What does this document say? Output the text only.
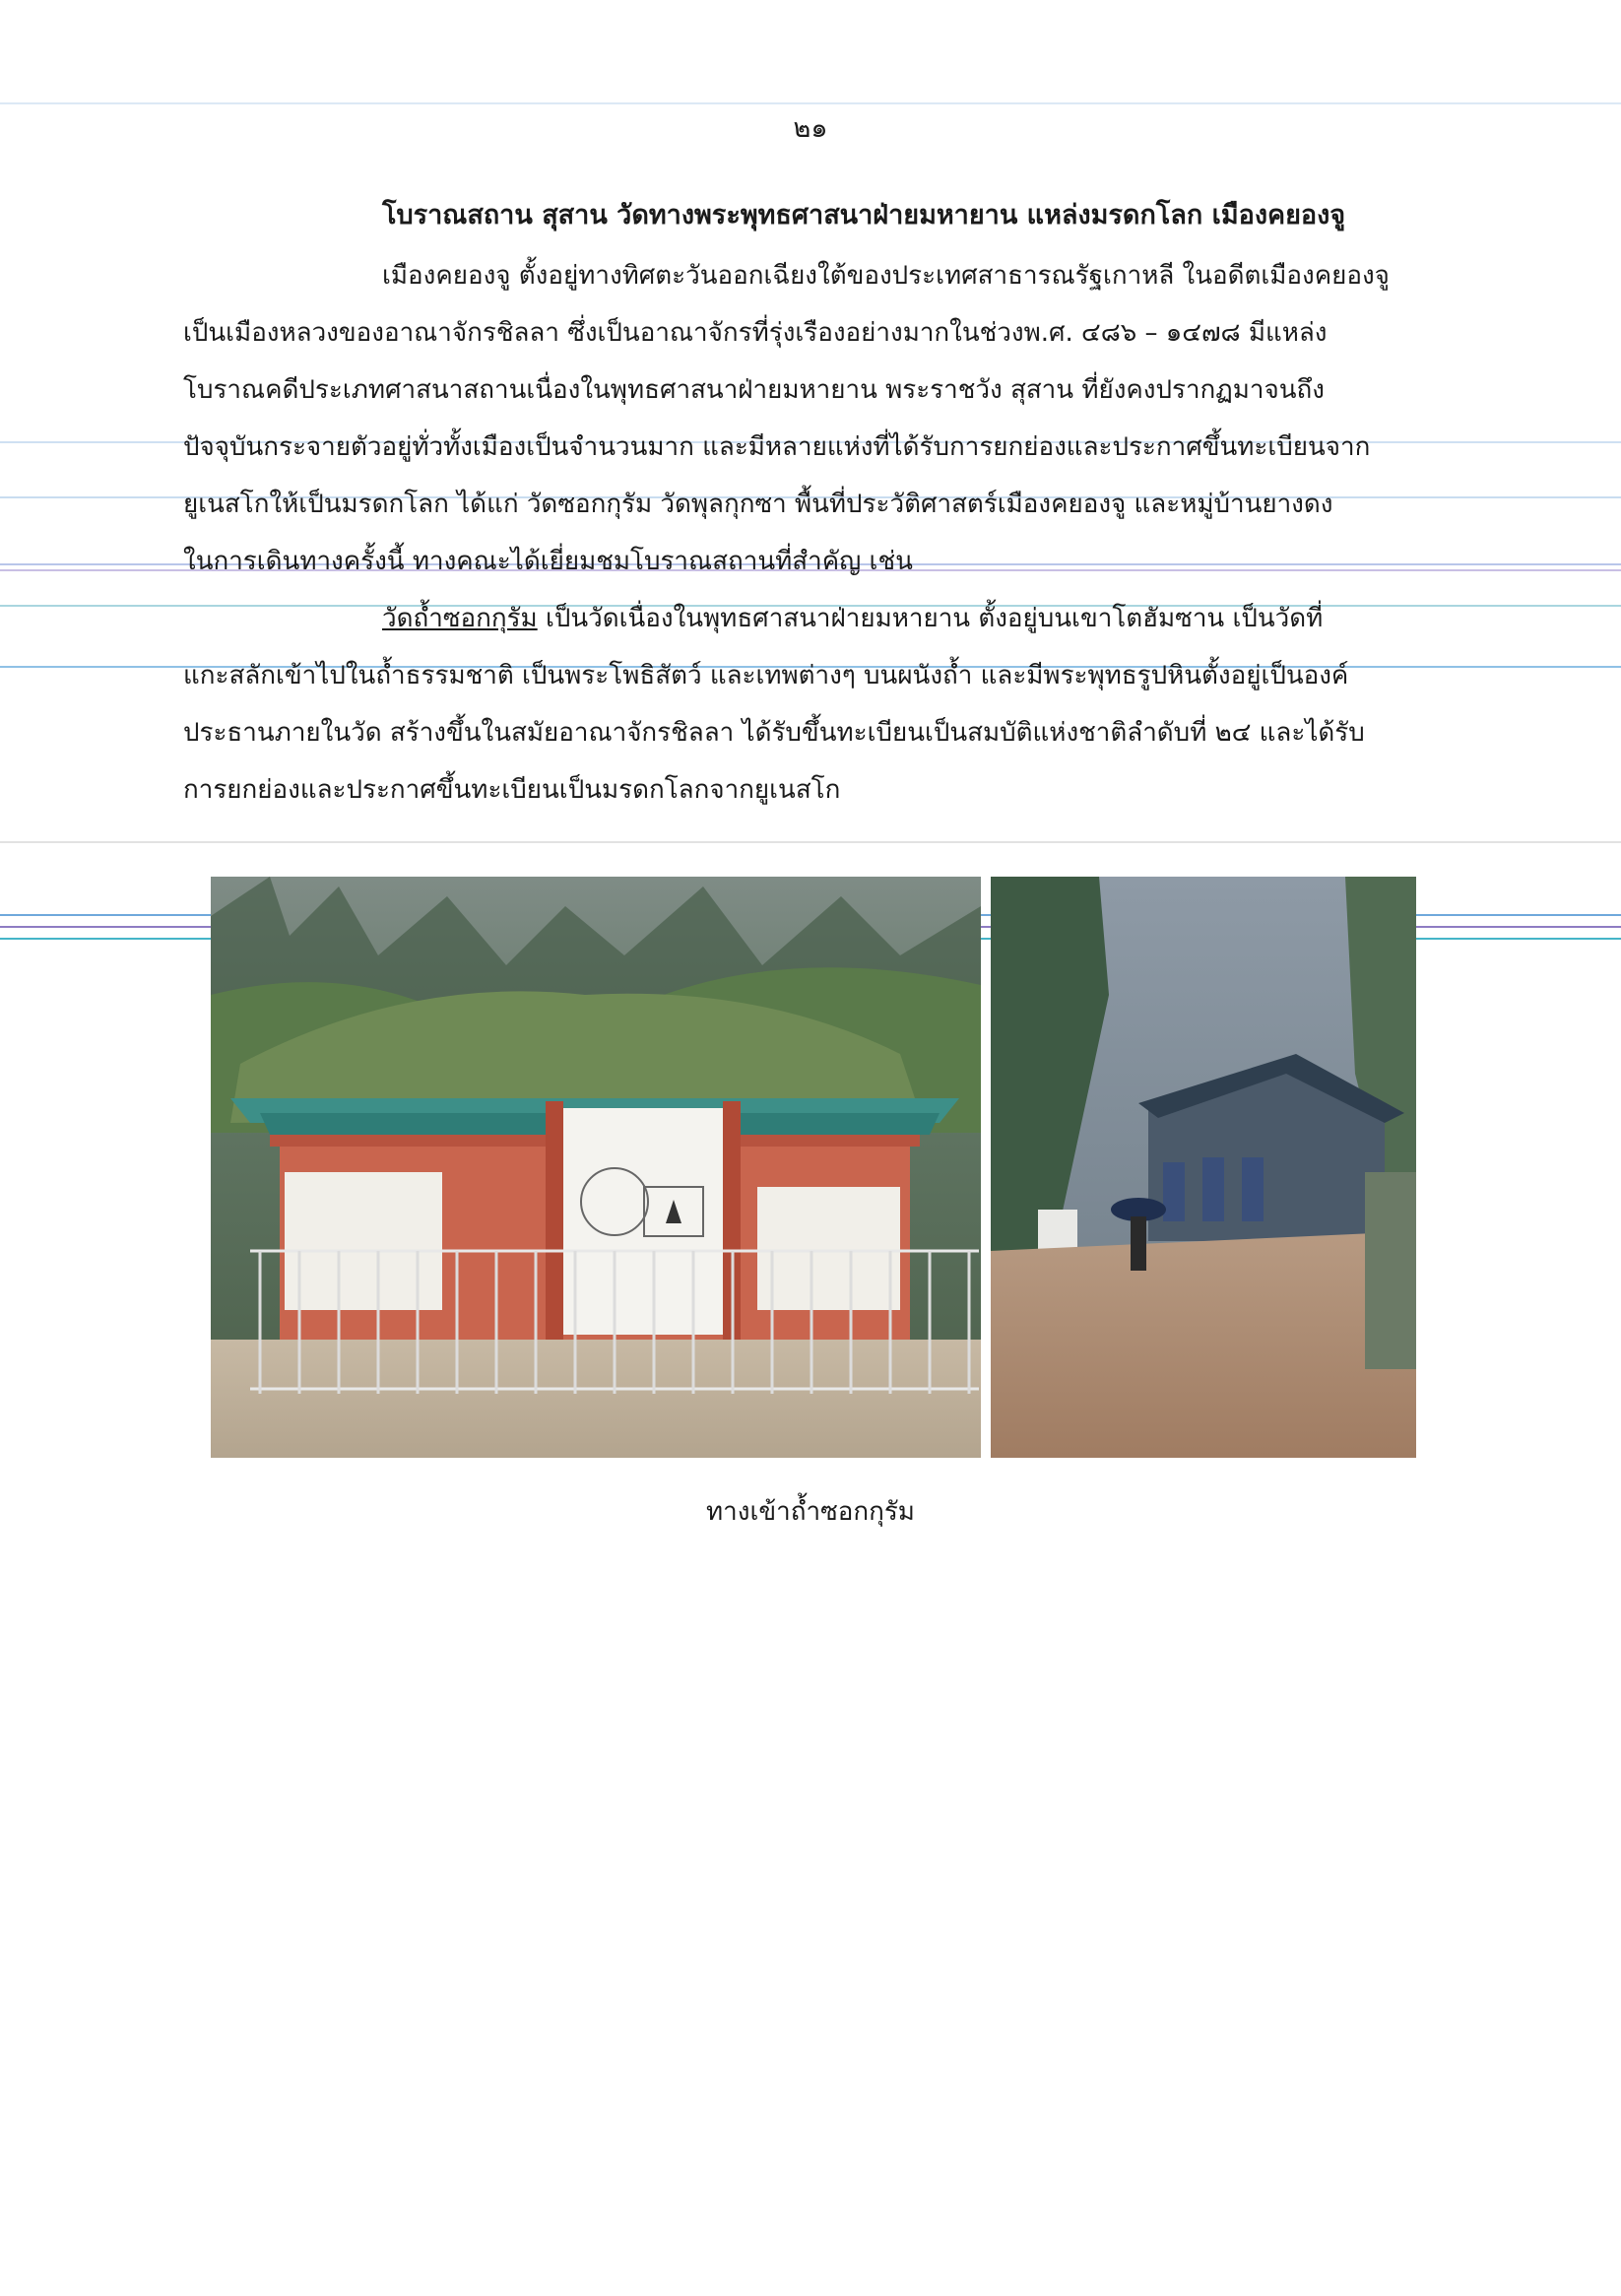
๒๑
โบราณสถาน สุสาน วัดทางพระพุทธศาสนาฝ่ายมหายาน แหล่งมรดกโลก เมืองคยองจู
เมืองคยองจู ตั้งอยู่ทางทิศตะวันออกเฉียงใต้ของประเทศสาธารณรัฐเกาหลี ในอดีตเมืองคยองจู
เป็นเมืองหลวงของอาณาจักรชิลลา ซึ่งเป็นอาณาจักรที่รุ่งเรืองอย่างมากในช่วงพ.ศ. ๔๘๖ – ๑๔๗๘ มีแหล่ง
โบราณคดีประเภทศาสนาสถานเนื่องในพุทธศาสนาฝ่ายมหายาน พระราชวัง สุสาน ที่ยังคงปรากฏมาจนถึง
ปัจจุบันกระจายตัวอยู่ทั่วทั้งเมืองเป็นจำนวนมาก และมีหลายแห่งที่ได้รับการยกย่องและประกาศขึ้นทะเบียนจาก
ยูเนสโกให้เป็นมรดกโลก ได้แก่ วัดซอกกุรัม วัดพุลกุกซา พื้นที่ประวัติศาสตร์เมืองคยองจู และหมู่บ้านยางดง
ในการเดินทางครั้งนี้ ทางคณะได้เยี่ยมชมโบราณสถานที่สำคัญ เช่น
วัดถ้ำซอกกุรัม เป็นวัดเนื่องในพุทธศาสนาฝ่ายมหายาน ตั้งอยู่บนเขาโตฮัมซาน เป็นวัดที่
แกะสลักเข้าไปในถ้ำธรรมชาติ เป็นพระโพธิสัตว์ และเทพต่างๆ บนผนังถ้ำ และมีพระพุทธรูปหินตั้งอยู่เป็นองค์
ประธานภายในวัด สร้างขึ้นในสมัยอาณาจักรชิลลา ได้รับขึ้นทะเบียนเป็นสมบัติแห่งชาติลำดับที่ ๒๔ และได้รับ
การยกย่องและประกาศขึ้นทะเบียนเป็นมรดกโลกจากยูเนสโก
ทางเข้าถ้ำซอกกุรัม
